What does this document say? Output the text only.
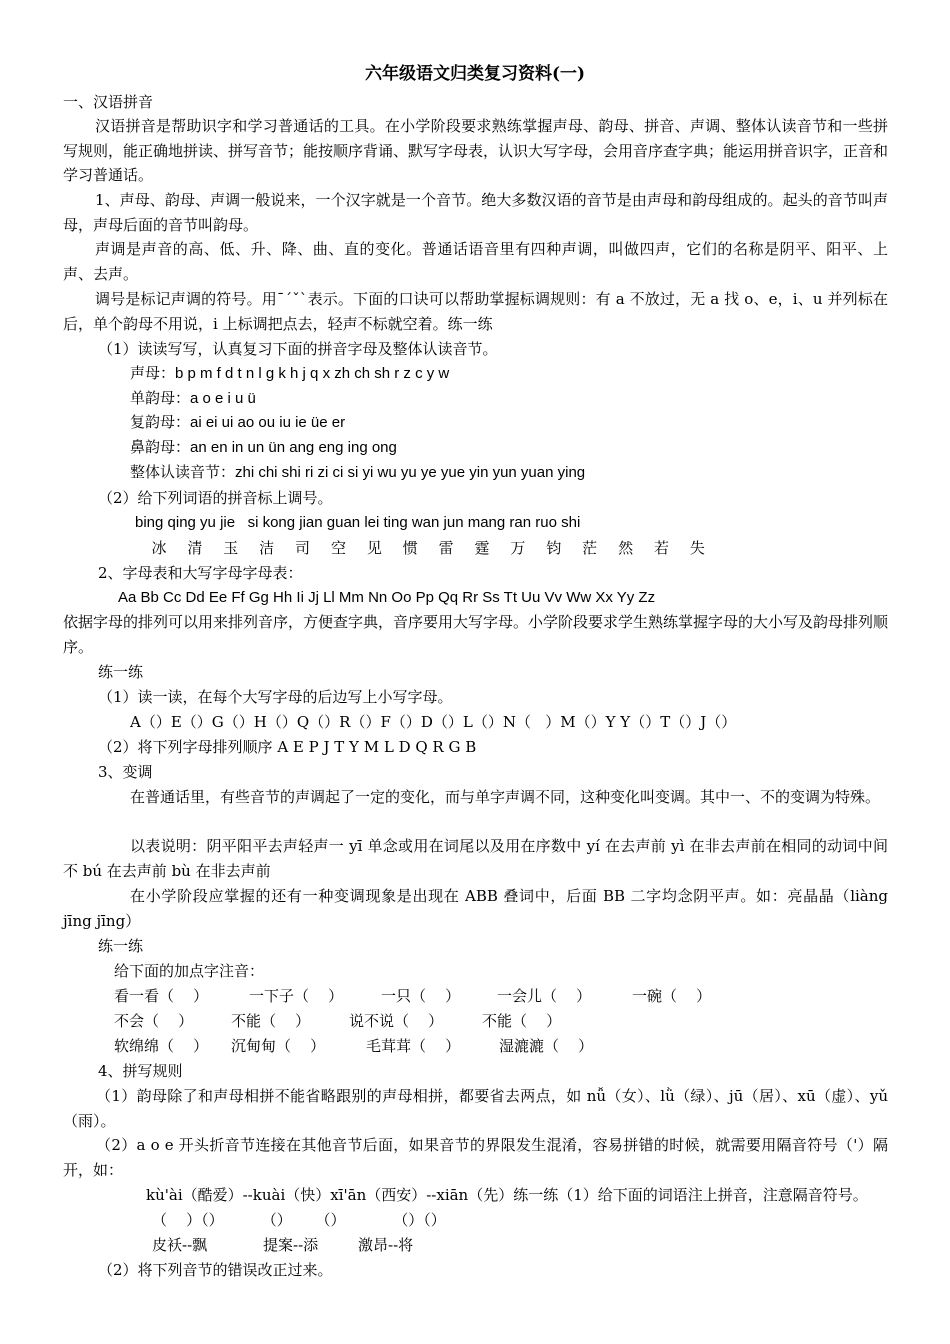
六年级语文归类复习资料(一)
一、汉语拼音
汉语拼音是帮助识字和学习普通话的工具。在小学阶段要求熟练掌握声母、韵母、拼音、声调、整体认读音节和一些拼写规则，能正确地拼读、拼写音节；能按顺序背诵、默写字母表，认识大写字母，会用音序查字典；能运用拼音识字，正音和学习普通话。
1、声母、韵母、声调一般说来，一个汉字就是一个音节。绝大多数汉语的音节是由声母和韵母组成的。起头的音节叫声母，声母后面的音节叫韵母。
声调是声音的高、低、升、降、曲、直的变化。普通话语音里有四种声调，叫做四声，它们的名称是阴平、阳平、上声、去声。
调号是标记声调的符号。用ˉˊˇˋ表示。下面的口诀可以帮助掌握标调规则：有 a 不放过，无 a 找 o、e，i、u 并列标在后，单个韵母不用说，i 上标调把点去，轻声不标就空着。练一练
（1）读读写写，认真复习下面的拼音字母及整体认读音节。
声母：b p m f d t n l g k h j q x zh ch sh r z c y w
单韵母：a o e i u ü
复韵母：ai ei ui ao ou iu ie üe er
鼻韵母：an en in un ün ang eng ing ong
整体认读音节：zhi chi shi ri zi ci si yi wu yu ye yue yin yun yuan ying
（2）给下列词语的拼音标上调号。
bing qing yu jie   si kong jian guan lei ting wan jun mang ran ruo shi
冰 清 玉 洁 司 空 见 惯 雷 霆 万 钧 茫 然 若 失
2、字母表和大写字母字母表：
Aa Bb Cc Dd Ee Ff Gg Hh Ii Jj Ll Mm Nn Oo Pp Qq Rr Ss Tt Uu Vv Ww Xx Yy Zz
依据字母的排列可以用来排列音序，方便查字典，音序要用大写字母。小学阶段要求学生熟练掌握字母的大小写及韵母排列顺序。
练一练
（1）读一读，在每个大写字母的后边写上小写字母。
A（）E（）G（）H（）Q（）R（）F（）D（）L（）N（   ）M（）Y Y（）T（）J（）
（2）将下列字母排列顺序 A E P J T Y M L D Q R G B
3、变调
在普通话里，有些音节的声调起了一定的变化，而与单字声调不同，这种变化叫变调。其中一、不的变调为特殊。
以表说明：阴平阳平去声轻声一 yī 单念或用在词尾以及用在序数中 yí 在去声前 yì 在非去声前在相同的动词中间不 bú 在去声前 bù 在非去声前
在小学阶段应掌握的还有一种变调现象是出现在 ABB 叠词中，后面 BB 二字均念阴平声。如：亮晶晶（liàng jīng jīng）
练一练
给下面的加点字注音：
看一看（    ）	一下子（    ）	一只（    ） 一会儿（    ）	一碗（    ）
不会（    ）	不能（    ）	说不说（    ）	不能（    ）
软绵绵（    ） 沉甸甸（    ）	毛茸茸（    ）	湿漉漉（    ）
4、拼写规则
（1）韵母除了和声母相拼不能省略跟别的声母相拼，都要省去两点，如 nǚ（女）、lǜ（绿）、jū（居）、xū（虚）、yǔ（雨）。
（2）a o e 开头折音节连接在其他音节后面，如果音节的界限发生混淆，容易拼错的时候，就需要用隔音符号（'）隔开，如：
kù'ài（酷爱）--kuài（快）xī'ān（西安）--xiān（先）练一练（1）给下面的词语注上拼音，注意隔音符号。
（    ）（）        （）     （）          （）（）
皮袄--飘	提案--添	激昂--将
（2）将下列音节的错误改正过来。
